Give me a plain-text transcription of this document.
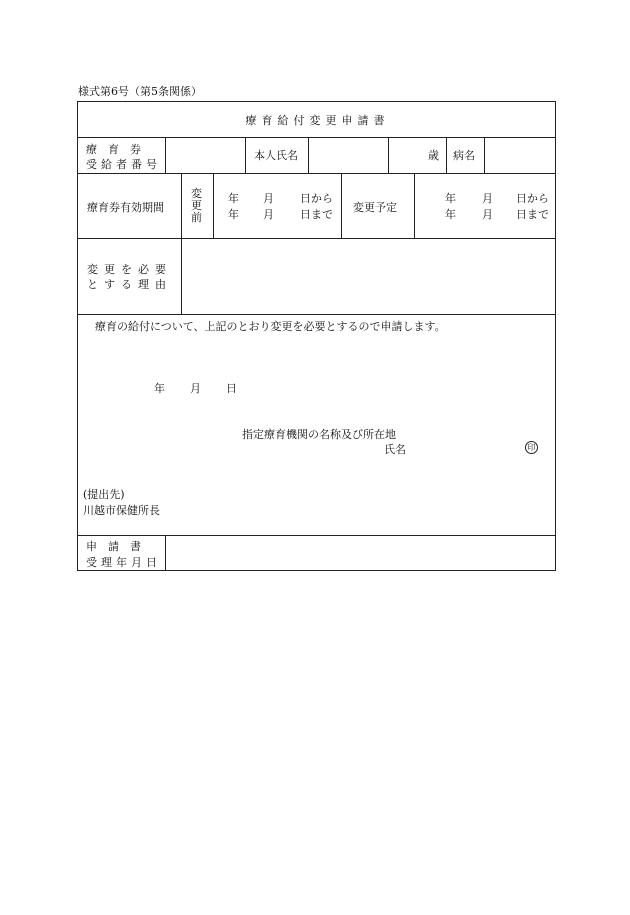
様式第6号（第5条関係）
療育給付変更申請書
療　育　券
受給者番号
本人氏名	歳 病名
療育券有効期間
変更前
年 月 日から
年 月 日まで
変更予定
年 月 日から
年 月 日まで
変更を必要
とする理由
療育の給付について、上記のとおり変更を必要とするので申請します。
年 月 日
指定療育機関の名称及び所在地
氏名	印
(提出先)
川越市保健所長
申　請　書
受理年月日
